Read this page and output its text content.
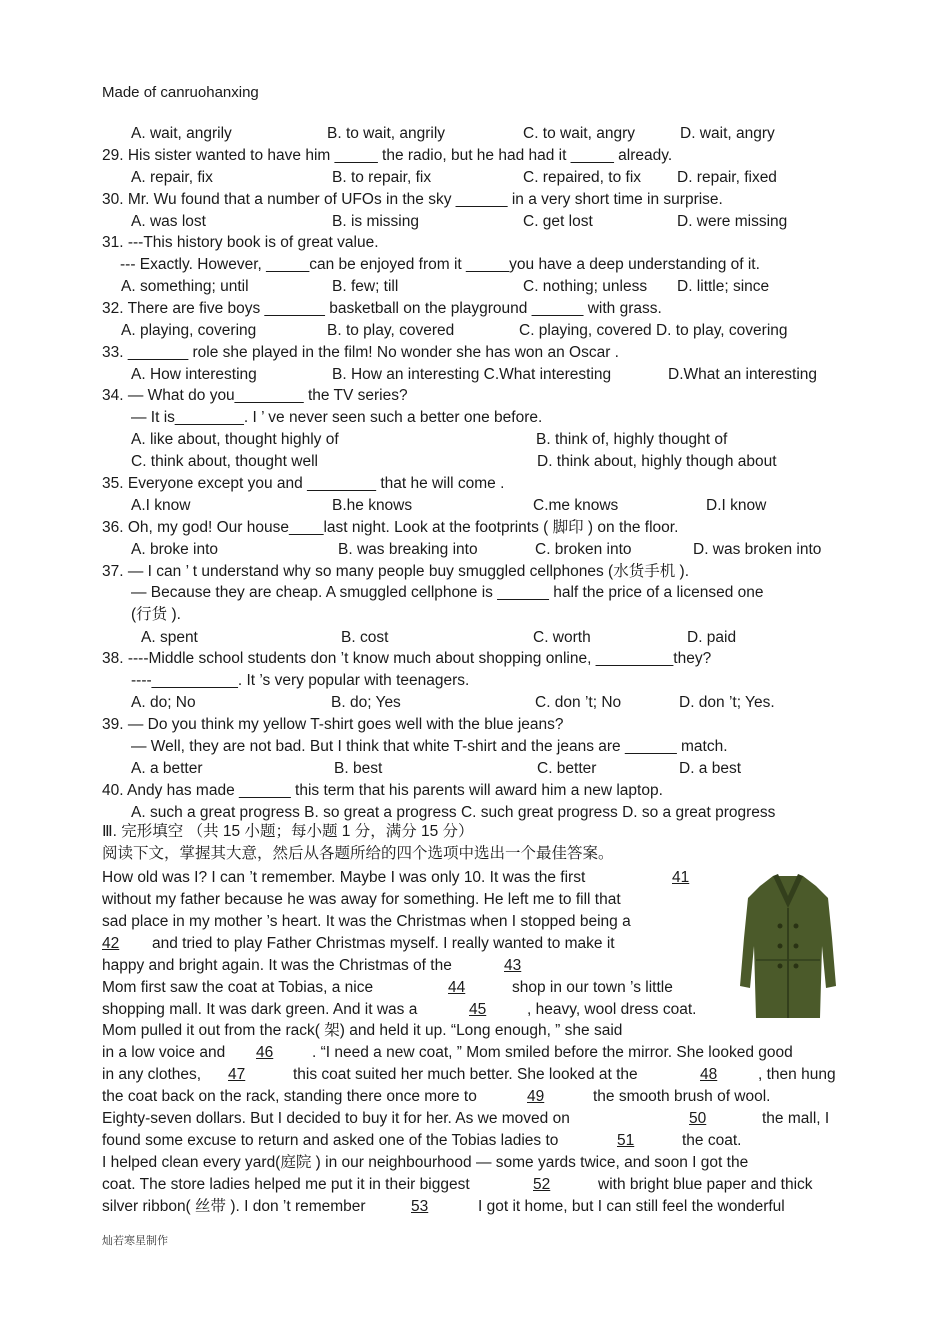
Made of canruohanxing
A. wait, angrily	B. to wait, angrily	C. to wait, angry	D. wait, angry
29. His sister wanted to have him _____ the radio, but he had had it _____ already.
A. repair, fix	B. to repair, fix	C. repaired, to fix D. repair, fixed
30. Mr. Wu found that a number of UFOs in the sky ______ in a very short time in surprise.
A. was lost	B. is missing	C. get lost	D. were missing
31. ---This history book is of great value.
--- Exactly. However, _____can be enjoyed from it _____you have a deep understanding of it.
A. something; until	B. few; till	C. nothing; unless D. little; since
32. There are five boys _______ basketball on the playground ______ with grass.
A. playing, covering	B. to play, covered	C. playing, covered D. to play, covering
33. _______ role she played in the film! No wonder she has won an Oscar .
A. How interesting	B. How an interesting C.What interesting	D.What an interesting
34. — What do you________ the TV series?
— It is________. I ’ ve never seen such a better one before.
A. like about, thought highly of	B. think of, highly thought of
C. think about, thought well	D. think about, highly though about
35. Everyone except you and ________ that he will come .
A.I know	B.he knows	C.me knows	D.I know
36. Oh, my god! Our house____last night. Look at the footprints ( 脚印 ) on the floor.
A. broke into	B. was breaking into	C. broken into	D. was broken into
37. — I can ’ t understand why so many people buy smuggled cellphones (水货手机 ).
— Because they are cheap. A smuggled cellphone is ______ half the price of a licensed one
(行货 ).
A. spent	B. cost	C. worth	D. paid
38. ----Middle school students don ’t know much about shopping online, _________they?
----__________. It ’s very popular with teenagers.
A. do; No	B. do; Yes	C. don ’t; No	D. don ’t; Yes.
39. — Do you think my yellow T-shirt goes well with the blue jeans?
— Well, they are not bad. But I think that white T-shirt and the jeans are ______ match.
A. a better	B. best	C. better	D. a best
40. Andy has made ______ this term that his parents will award him a new laptop.
A. such a great progress B. so great a progress C. such great progress D. so a great progress
Ⅲ. 完形填空 （共 15 小题；每小题 1 分，满分 15 分）
阅读下文，掌握其大意，然后从各题所给的四个选项中选出一个最佳答案。
How old was I? I can ’t remember. Maybe I was only 10. It was the first	41
without my father because he was away for something. He left me to fill that
sad place in my mother ’s heart. It was the Christmas when I stopped being a
42 and tried to play Father Christmas myself. I really wanted to make it
happy and bright again. It was the Christmas of the	43
Mom first saw the coat at Tobias, a nice	44	shop in our town ’s little
shopping mall. It was dark green. And it was a	45	, heavy, wool dress coat.
Mom pulled it out from the rack( 架) and held it up. “Long enough, ” she said
in a low voice and 46	. “I need a new coat, ” Mom smiled before the mirror. She looked good
in any clothes, 47	this coat suited her much better. She looked at the	48	, then hung
the coat back on the rack, standing there once more to	49	the smooth brush of wool.
Eighty-seven dollars. But I decided to buy it for her. As we moved on	50	the mall, I
found some excuse to return and asked one of the Tobias ladies to	51	the coat.
I helped clean every yard(庭院 ) in our neighbourhood — some yards twice, and soon I got the
coat. The store ladies helped me put it in their biggest	52	with bright blue paper and thick
silver ribbon( 丝带 ). I don ’t remember	53	I got it home, but I can still feel the wonderful
灿若寒星制作
